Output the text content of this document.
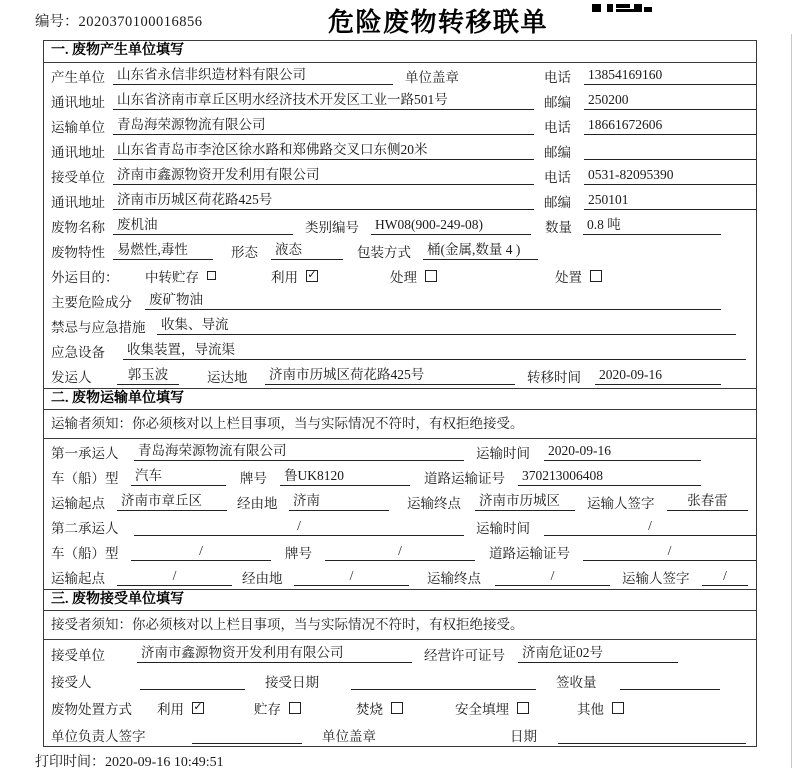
编号：2020370100016856	危险废物转移联单
一. 废物产生单位填写
产生单位 山东省永信非织造材料有限公司	单位盖章	电话	13854169160
通讯地址 山东省济南市章丘区明水经济技术开发区工业一路501号	邮编	250200
运输单位 青岛海荣源物流有限公司	电话	18661672606
通讯地址 山东省青岛市李沧区徐水路和郑佛路交叉口东侧20米	邮编
接受单位 济南市鑫源物资开发利用有限公司	电话	0531-82095390
通讯地址 济南市历城区荷花路425号	邮编	250101
废物名称 废机油	类别编号 HW08(900-249-08)	数量 0.8 吨
废物特性 易燃性,毒性	形态 液态	包装方式 桶(金属,数量 4 )
外运目的： 中转贮存	利用 ✓	处理	处置
主要危险成分 废矿物油
禁忌与应急措施 收集、导流
应急设备	收集装置，导流渠
发运人	郭玉波	运达地 济南市历城区荷花路425号	转移时间 2020-09-16
二. 废物运输单位填写
运输者须知：你必须核对以上栏目事项，当与实际情况不符时，有权拒绝接受。
第一承运人	青岛海荣源物流有限公司	运输时间 2020-09-16
车（船）型	汽车	牌号 鲁UK8120	道路运输证号	370213006408
运输起点 济南市章丘区	经由地 济南	运输终点 济南市历城区	运输人签字	张春雷
第二承运人	/	运输时间	/
车（船）型	/	牌号	/	道路运输证号	/
运输起点	/	经由地	/	运输终点	/	运输人签字	/
三. 废物接受单位填写
接受者须知：你必须核对以上栏目事项，当与实际情况不符时，有权拒绝接受。
接受单位	济南市鑫源物资开发利用有限公司	经营许可证号	济南危证02号
接受人	接受日期	签收量
废物处置方式 利用 ✓	贮存	焚烧	安全填埋	其他
单位负责人签字	单位盖章	日期
打印时间：2020-09-16 10:49:51
